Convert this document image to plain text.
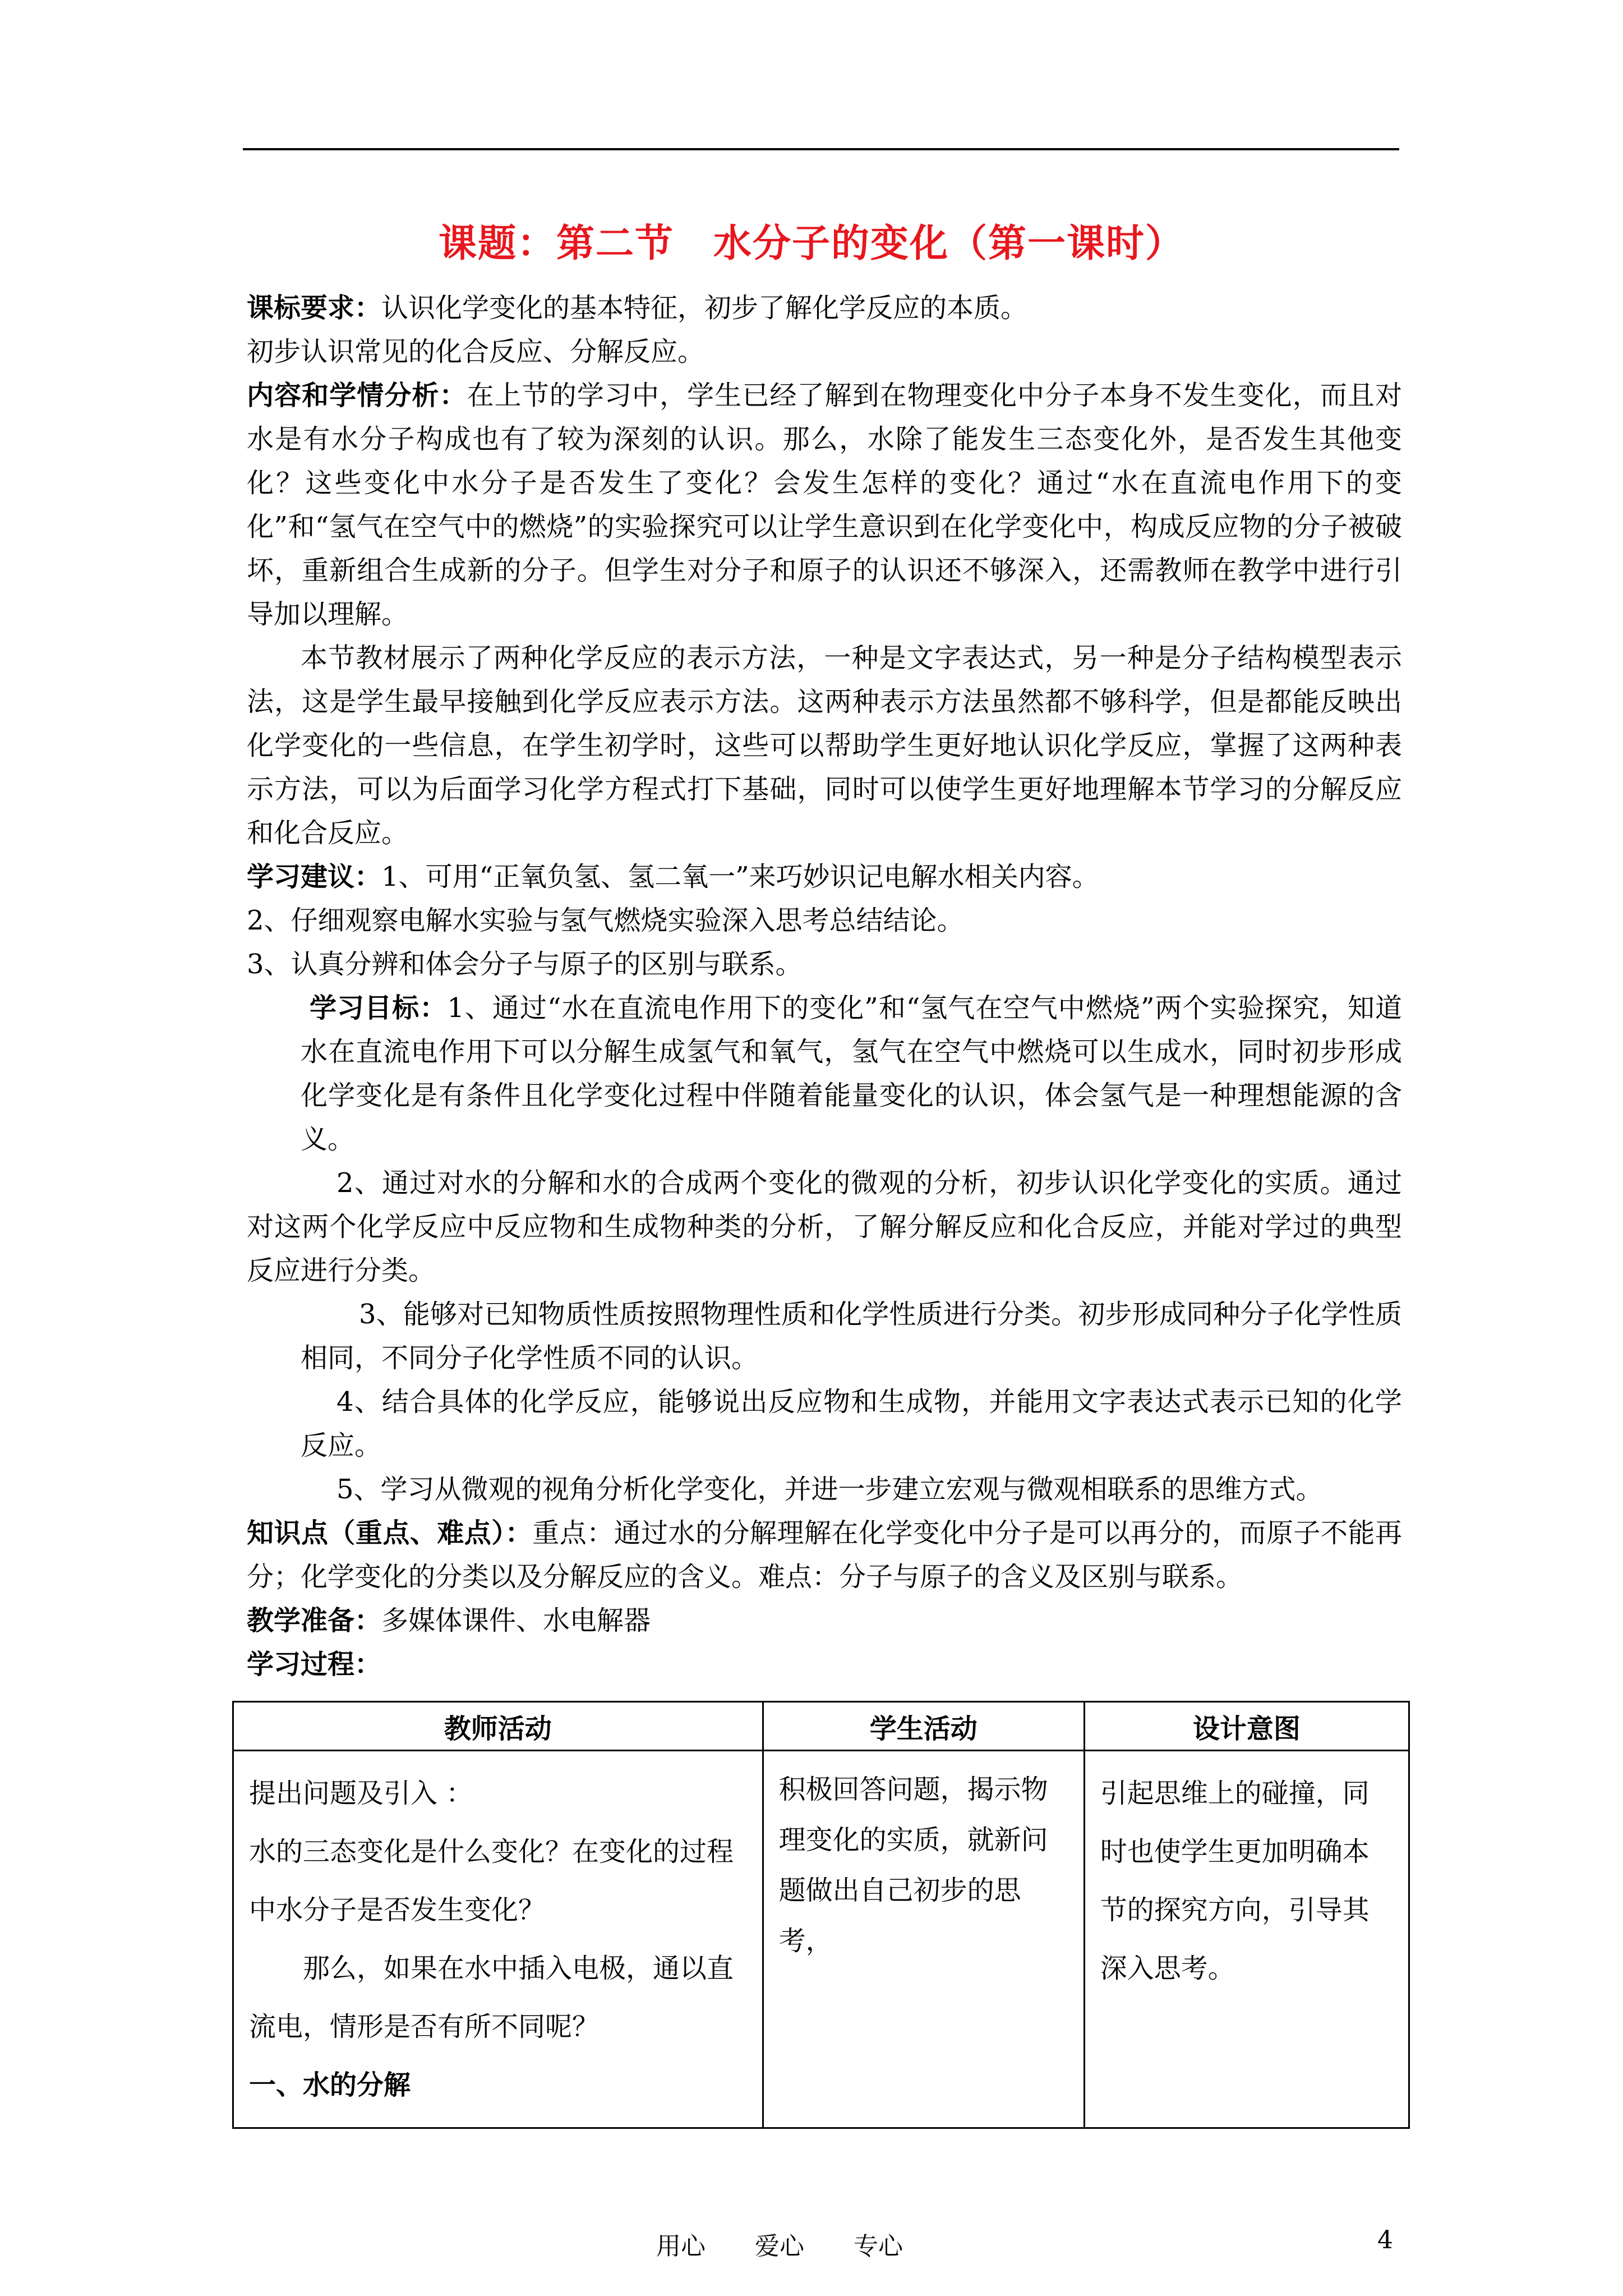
课题：第二节　水分子的变化（第一课时）

课标要求：认识化学变化的基本特征，初步了解化学反应的本质。

初步认识常见的化合反应、分解反应。

内容和学情分析：在上节的学习中，学生已经了解到在物理变化中分子本身不发生变化，而且对水是有水分子构成也有了较为深刻的认识。那么，水除了能发生三态变化外，是否发生其他变化？这些变化中水分子是否发生了变化？会发生怎样的变化？通过“水在直流电作用下的变化”和“氢气在空气中的燃烧”的实验探究可以让学生意识到在化学变化中，构成反应物的分子被破坏，重新组合生成新的分子。但学生对分子和原子的认识还不够深入，还需教师在教学中进行引导加以理解。

本节教材展示了两种化学反应的表示方法，一种是文字表达式，另一种是分子结构模型表示法，这是学生最早接触到化学反应表示方法。这两种表示方法虽然都不够科学，但是都能反映出化学变化的一些信息，在学生初学时，这些可以帮助学生更好地认识化学反应，掌握了这两种表示方法，可以为后面学习化学方程式打下基础，同时可以使学生更好地理解本节学习的分解反应和化合反应。

学习建议：1、可用“正氧负氢、氢二氧一”来巧妙识记电解水相关内容。

2、仔细观察电解水实验与氢气燃烧实验深入思考总结结论。

3、认真分辨和体会分子与原子的区别与联系。

学习目标：1、通过“水在直流电作用下的变化”和“氢气在空气中燃烧”两个实验探究，知道水在直流电作用下可以分解生成氢气和氧气，氢气在空气中燃烧可以生成水，同时初步形成化学变化是有条件且化学变化过程中伴随着能量变化的认识，体会氢气是一种理想能源的含义。

2、通过对水的分解和水的合成两个变化的微观的分析，初步认识化学变化的实质。通过对这两个化学反应中反应物和生成物种类的分析，了解分解反应和化合反应，并能对学过的典型反应进行分类。

3、能够对已知物质性质按照物理性质和化学性质进行分类。初步形成同种分子化学性质相同，不同分子化学性质不同的认识。

4、结合具体的化学反应，能够说出反应物和生成物，并能用文字表达式表示已知的化学反应。

5、学习从微观的视角分析化学变化，并进一步建立宏观与微观相联系的思维方式。

知识点（重点、难点）：重点：通过水的分解理解在化学变化中分子是可以再分的，而原子不能再分；化学变化的分类以及分解反应的含义。难点：分子与原子的含义及区别与联系。

教学准备：多媒体课件、水电解器

学习过程：

教师活动	学生活动	设计意图

提出问题及引入 ：
水的三态变化是什么变化？在变化的过程中水分子是否发生变化？
那么，如果在水中插入电极，通以直流电，情形是否有所不同呢？
一、水的分解	积极回答问题，揭示物理变化的实质，就新问题做出自己初步的思考，	引起思维上的碰撞，同时也使学生更加明确本节的探究方向，引导其深入思考。
用心　　爱心　　专心	4
